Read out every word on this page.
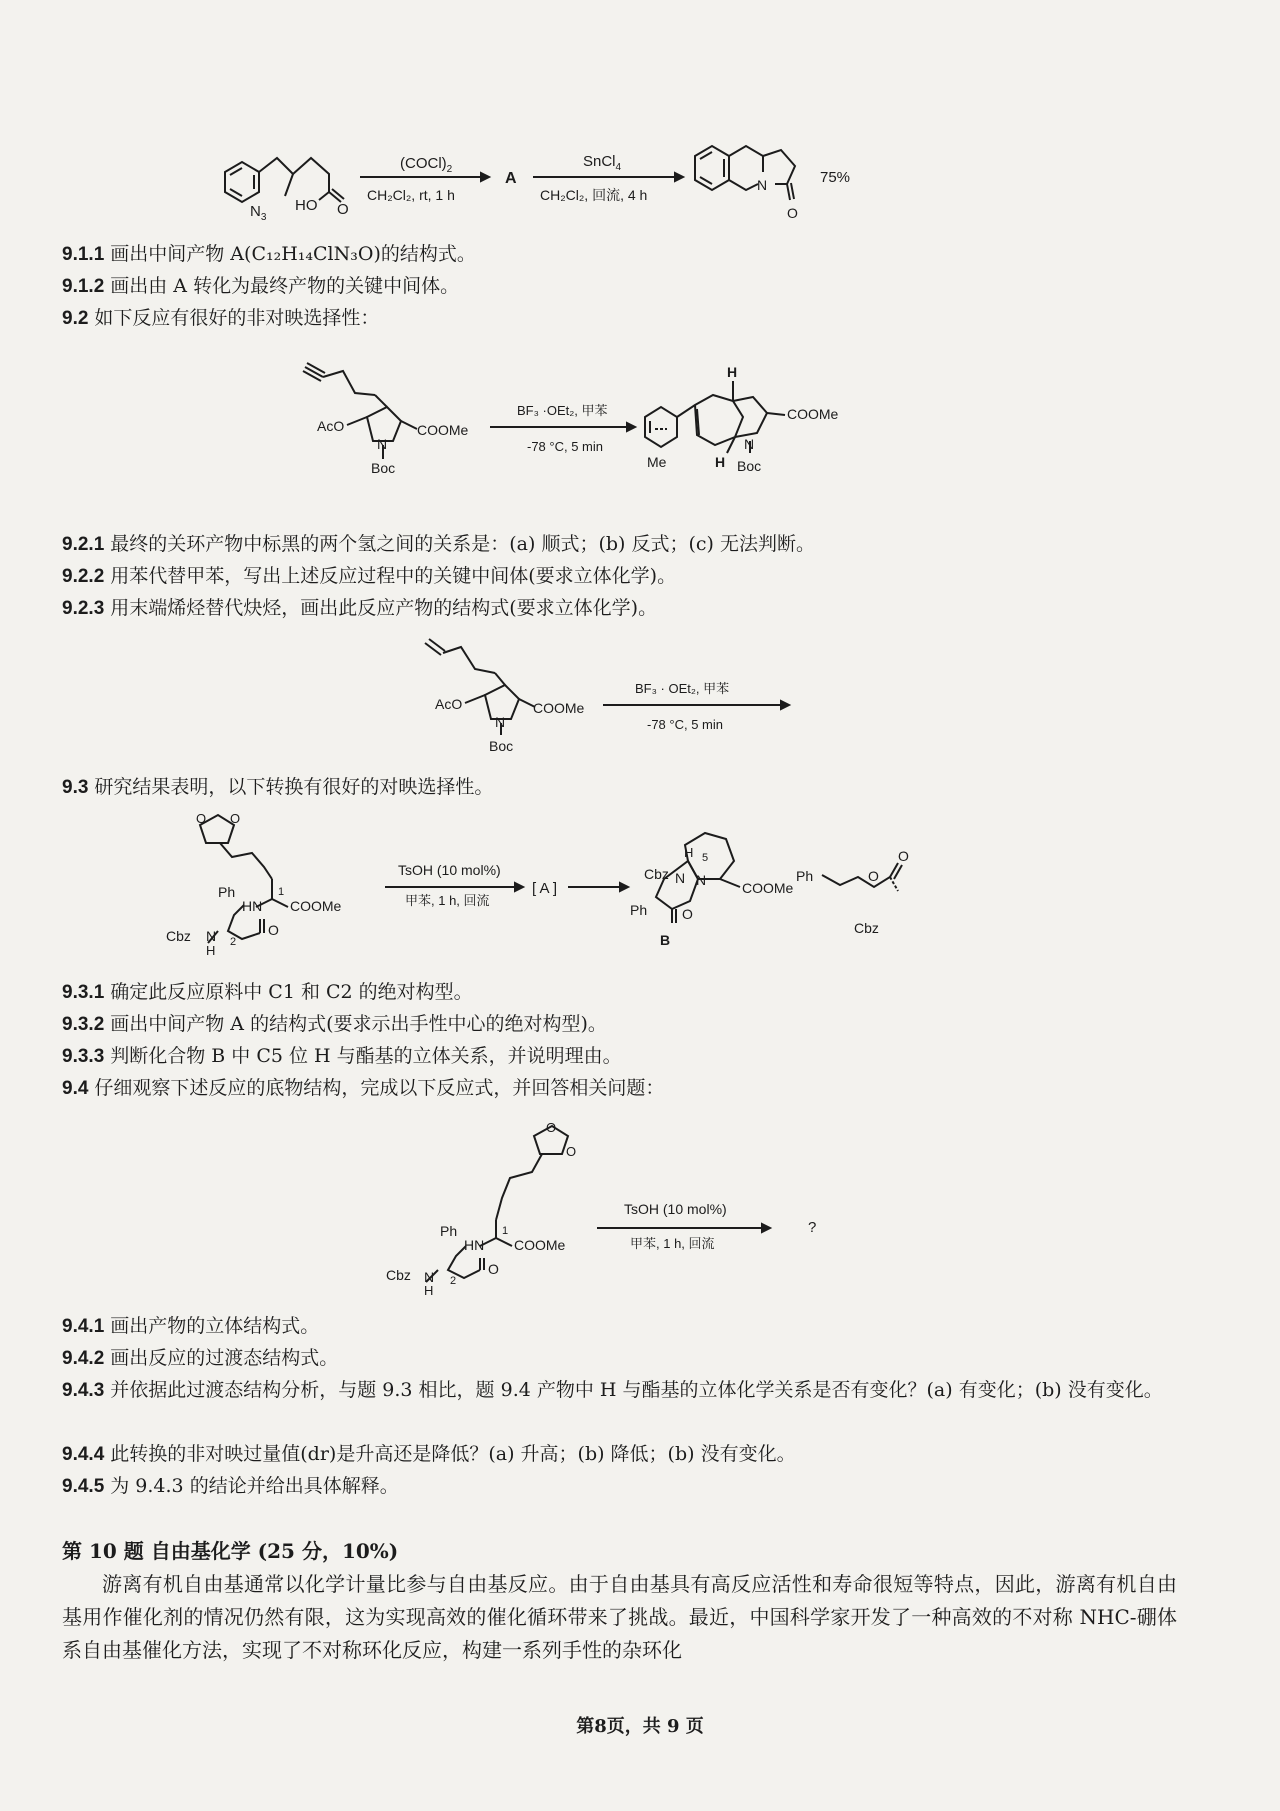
$N_3$
HO O
$(COCl)_2$
CH₂Cl₂, rt, 1 h
A
SnCl$_4$
CH₂Cl₂, 回流, 4 h
N
O
75%
9.1.1 画出中间产物 A(C₁₂H₁₄ClN₃O)的结构式。
9.1.2 画出由 A 转化为最终产物的关键中间体。
9.2 如下反应有很好的非对映选择性：
AcO
N
Boc
COOMe
BF₃ ·OEt₂, 甲苯
-78 °C, 5 min
Me
H
H
N
Boc
COOMe
9.2.1 最终的关环产物中标黑的两个氢之间的关系是：(a) 顺式；(b) 反式；(c) 无法判断。
9.2.2 用苯代替甲苯，写出上述反应过程中的关键中间体(要求立体化学)。
9.2.3 用末端烯烃替代炔烃，画出此反应产物的结构式(要求立体化学)。
AcO
N
Boc
COOMe
BF₃ · OEt₂, 甲苯
-78 °C, 5 min
9.3 研究结果表明，以下转换有很好的对映选择性。
O O
Ph
HN
1
2
COOMe
Cbz N
H
O
TsOH (10 mol%)
甲苯, 1 h, 回流
[ A ]
Cbz N N
H 5
COOMe
Ph O
B
Ph	O
O
Cbz
9.3.1 确定此反应原料中 C1 和 C2 的绝对构型。
9.3.2 画出中间产物 A 的结构式(要求示出手性中心的绝对构型)。
9.3.3 判断化合物 B 中 C5 位 H 与酯基的立体关系，并说明理由。
9.4 仔细观察下述反应的底物结构，完成以下反应式，并回答相关问题：
O
O
Ph
HN
1
2
COOMe
Cbz N
H
O
TsOH (10 mol%)
甲苯, 1 h, 回流
?
9.4.1 画出产物的立体结构式。
9.4.2 画出反应的过渡态结构式。
9.4.3 并依据此过渡态结构分析，与题 9.3 相比，题 9.4 产物中 H 与酯基的立体化学关系是否有变化？(a) 有变化；(b) 没有变化。
9.4.4 此转换的非对映过量值(dr)是升高还是降低？(a) 升高；(b) 降低；(b) 没有变化。
9.4.5 为 9.4.3 的结论并给出具体解释。
第 10 题 自由基化学 (25 分，10%)
游离有机自由基通常以化学计量比参与自由基反应。由于自由基具有高反应活性和寿命很短等特点，因此，游离有机自由基用作催化剂的情况仍然有限，这为实现高效的催化循环带来了挑战。最近，中国科学家开发了一种高效的不对称 NHC-硼体系自由基催化方法，实现了不对称环化反应，构建一系列手性的杂环化
第8页，共 9 页
